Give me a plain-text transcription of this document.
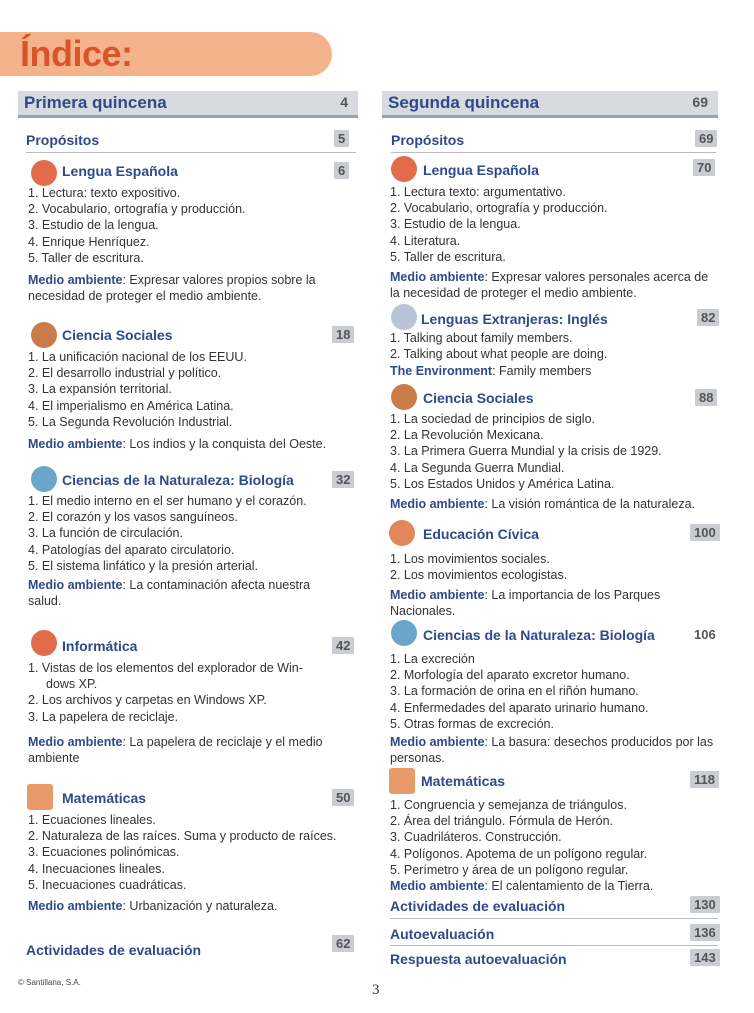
Índice:
Primera quincena	4
Propósitos	5
Lengua Española	6
1. Lectura: texto expositivo.
2. Vocabulario, ortografía y producción.
3. Estudio de la lengua.
4. Enrique Henríquez.
5. Taller de escritura.
Medio ambiente: Expresar valores propios sobre la necesidad de proteger el medio ambiente.
Ciencia Sociales	18
1. La unificación nacional de los EEUU.
2. El desarrollo industrial y político.
3. La expansión territorial.
4. El imperialismo en América Latina.
5. La Segunda Revolución Industrial.
Medio ambiente: Los indios y la conquista del Oeste.
Ciencias de la Naturaleza: Biología	32
1. El medio interno en el ser humano y el corazón.
2. El corazón y los vasos sanguíneos.
3. La función de circulación.
4. Patologías del aparato circulatorio.
5. El sistema linfático y la presión arterial.
Medio ambiente: La contaminación afecta nuestra salud.
Informática	42
1. Vistas de los elementos del explorador de Win-
dows XP.
2. Los archivos y carpetas en Windows XP.
3. La papelera de reciclaje.
Medio ambiente: La papelera de reciclaje y el medio ambiente
Matemáticas	50
1. Ecuaciones lineales.
2. Naturaleza de las raíces. Suma y producto de raíces.
3. Ecuaciones polinómicas.
4. Inecuaciones lineales.
5. Inecuaciones cuadráticas.
Medio ambiente: Urbanización y naturaleza.
Actividades de evaluación	62
Segunda quincena	69
Propósitos	69
Lengua Española	70
1. Lectura texto: argumentativo.
2. Vocabulario, ortografía y producción.
3. Estudio de la lengua.
4. Literatura.
5. Taller de escritura.
Medio ambiente: Expresar valores personales acerca de la necesidad de proteger el medio ambiente.
Lenguas Extranjeras: Inglés	82
1. Talking about family members.
2. Talking about what people are doing.
The Environment: Family members
Ciencia Sociales	88
1. La sociedad de principios de siglo.
2. La Revolución Mexicana.
3. La Primera Guerra Mundial y la crisis de 1929.
4. La Segunda Guerra Mundial.
5. Los Estados Unidos y América Latina.
Medio ambiente: La visión romántica de la naturaleza.
Educación Cívica	100
1. Los movimientos sociales.
2. Los movimientos ecologistas.
Medio ambiente: La importancia de los Parques Nacionales.
Ciencias de la Naturaleza: Biología	106
1. La excreción
2. Morfología del aparato excretor humano.
3. La formación de orina en el riñón humano.
4. Enfermedades del aparato urinario humano.
5. Otras formas de excreción.
Medio ambiente: La basura: desechos producidos por las personas.
Matemáticas	118
1. Congruencia y semejanza de triángulos.
2. Área del triángulo. Fórmula de Herón.
3. Cuadriláteros. Construcción.
4. Polígonos. Apotema de un polígono regular.
5. Perímetro y área de un polígono regular.
Medio ambiente: El calentamiento de la Tierra.
Actividades de evaluación	130
Autoevaluación	136
Respuesta autoevaluación	143
© Santillana, S.A.	3
